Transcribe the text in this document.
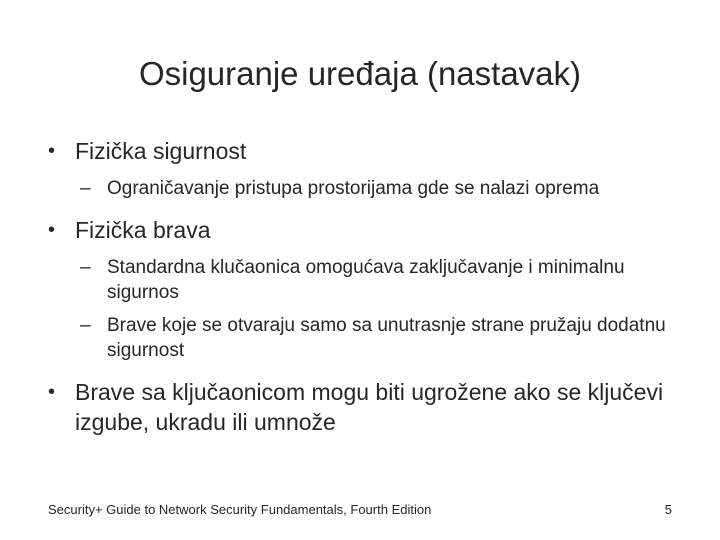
Osiguranje uređaja (nastavak)
• Fizička sigurnost
– Ograničavanje pristupa prostorijama gde se nalazi oprema
• Fizička brava
– Standardna klučaonica omogućava zaključavanje i minimalnu sigurnos
– Brave koje se otvaraju samo sa unutrasnje strane pružaju dodatnu sigurnost
• Brave sa ključaonicom mogu biti ugrožene ako se ključevi izgube, ukradu ili umnože
Security+ Guide to Network Security Fundamentals, Fourth Edition	5
